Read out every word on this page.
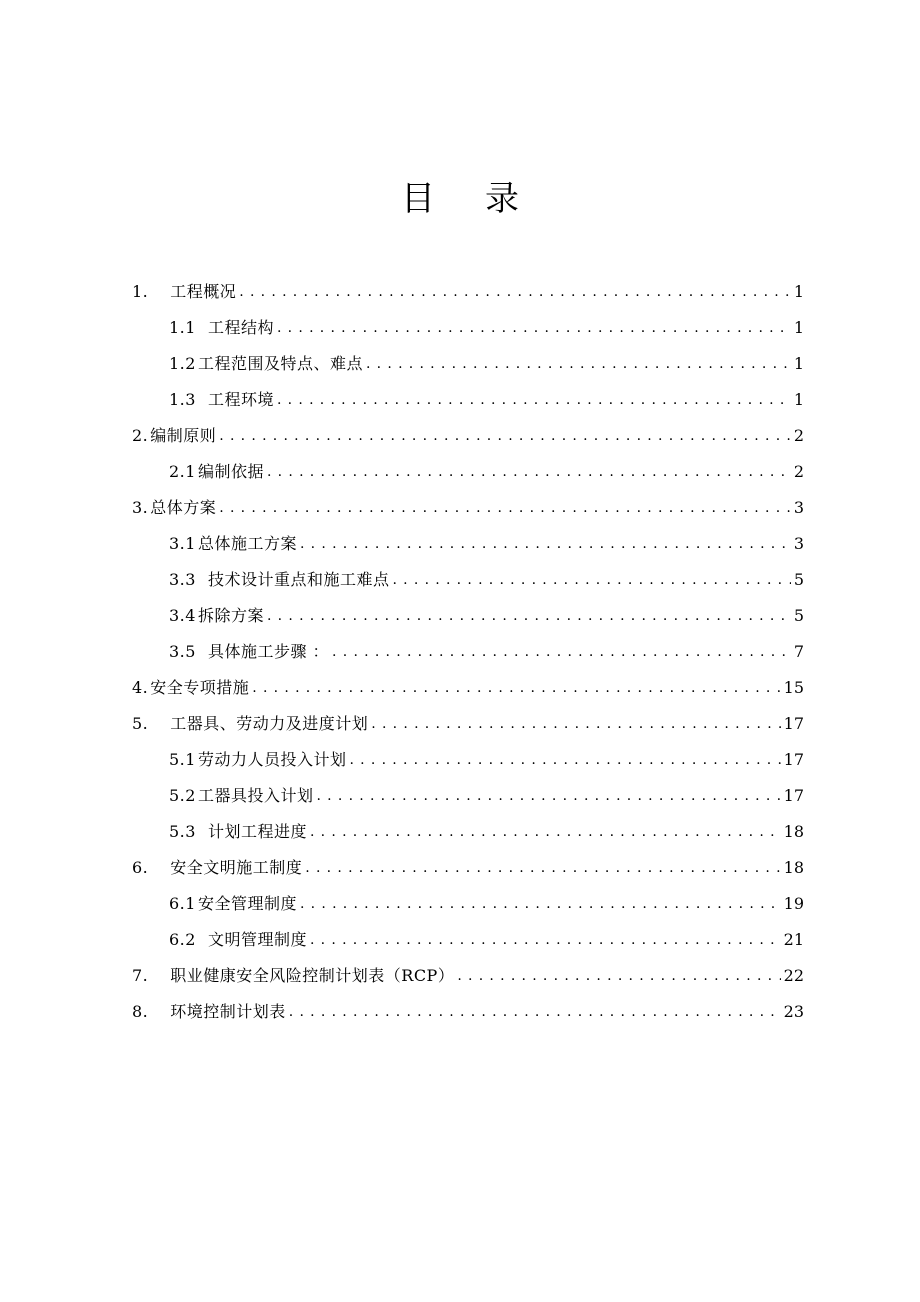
目 录
1. 工程概况 . . .	1
1.1 工程结构 . . .	1
1.2 工程范围及特点、难点 . . .	1
1.3 工程环境 . . .	1
2. 编制原则 . . .	2
2.1 编制依据 . . .	2
3. 总体方案 . . .	3
3.1 总体施工方案 . . .	3
3.3 技术设计重点和施工难点 . . .	5
3.4 拆除方案 . . .	5
3.5 具体施工步骤 ： . . .	7
4. 安全专项措施 . . .	15
5. 工器具、劳动力及进度计划 . . .	17
5.1 劳动力人员投入计划 . . .	17
5.2 工器具投入计划 . . .	17
5.3 计划工程进度 . . .	18
6. 安全文明施工制度 . . .	18
6.1 安全管理制度 . . .	19
6.2 文明管理制度 . . .	21
7. 职业健康安全风险控制计划表（RCP） . . .	22
8. 环境控制计划表 . . .	23
